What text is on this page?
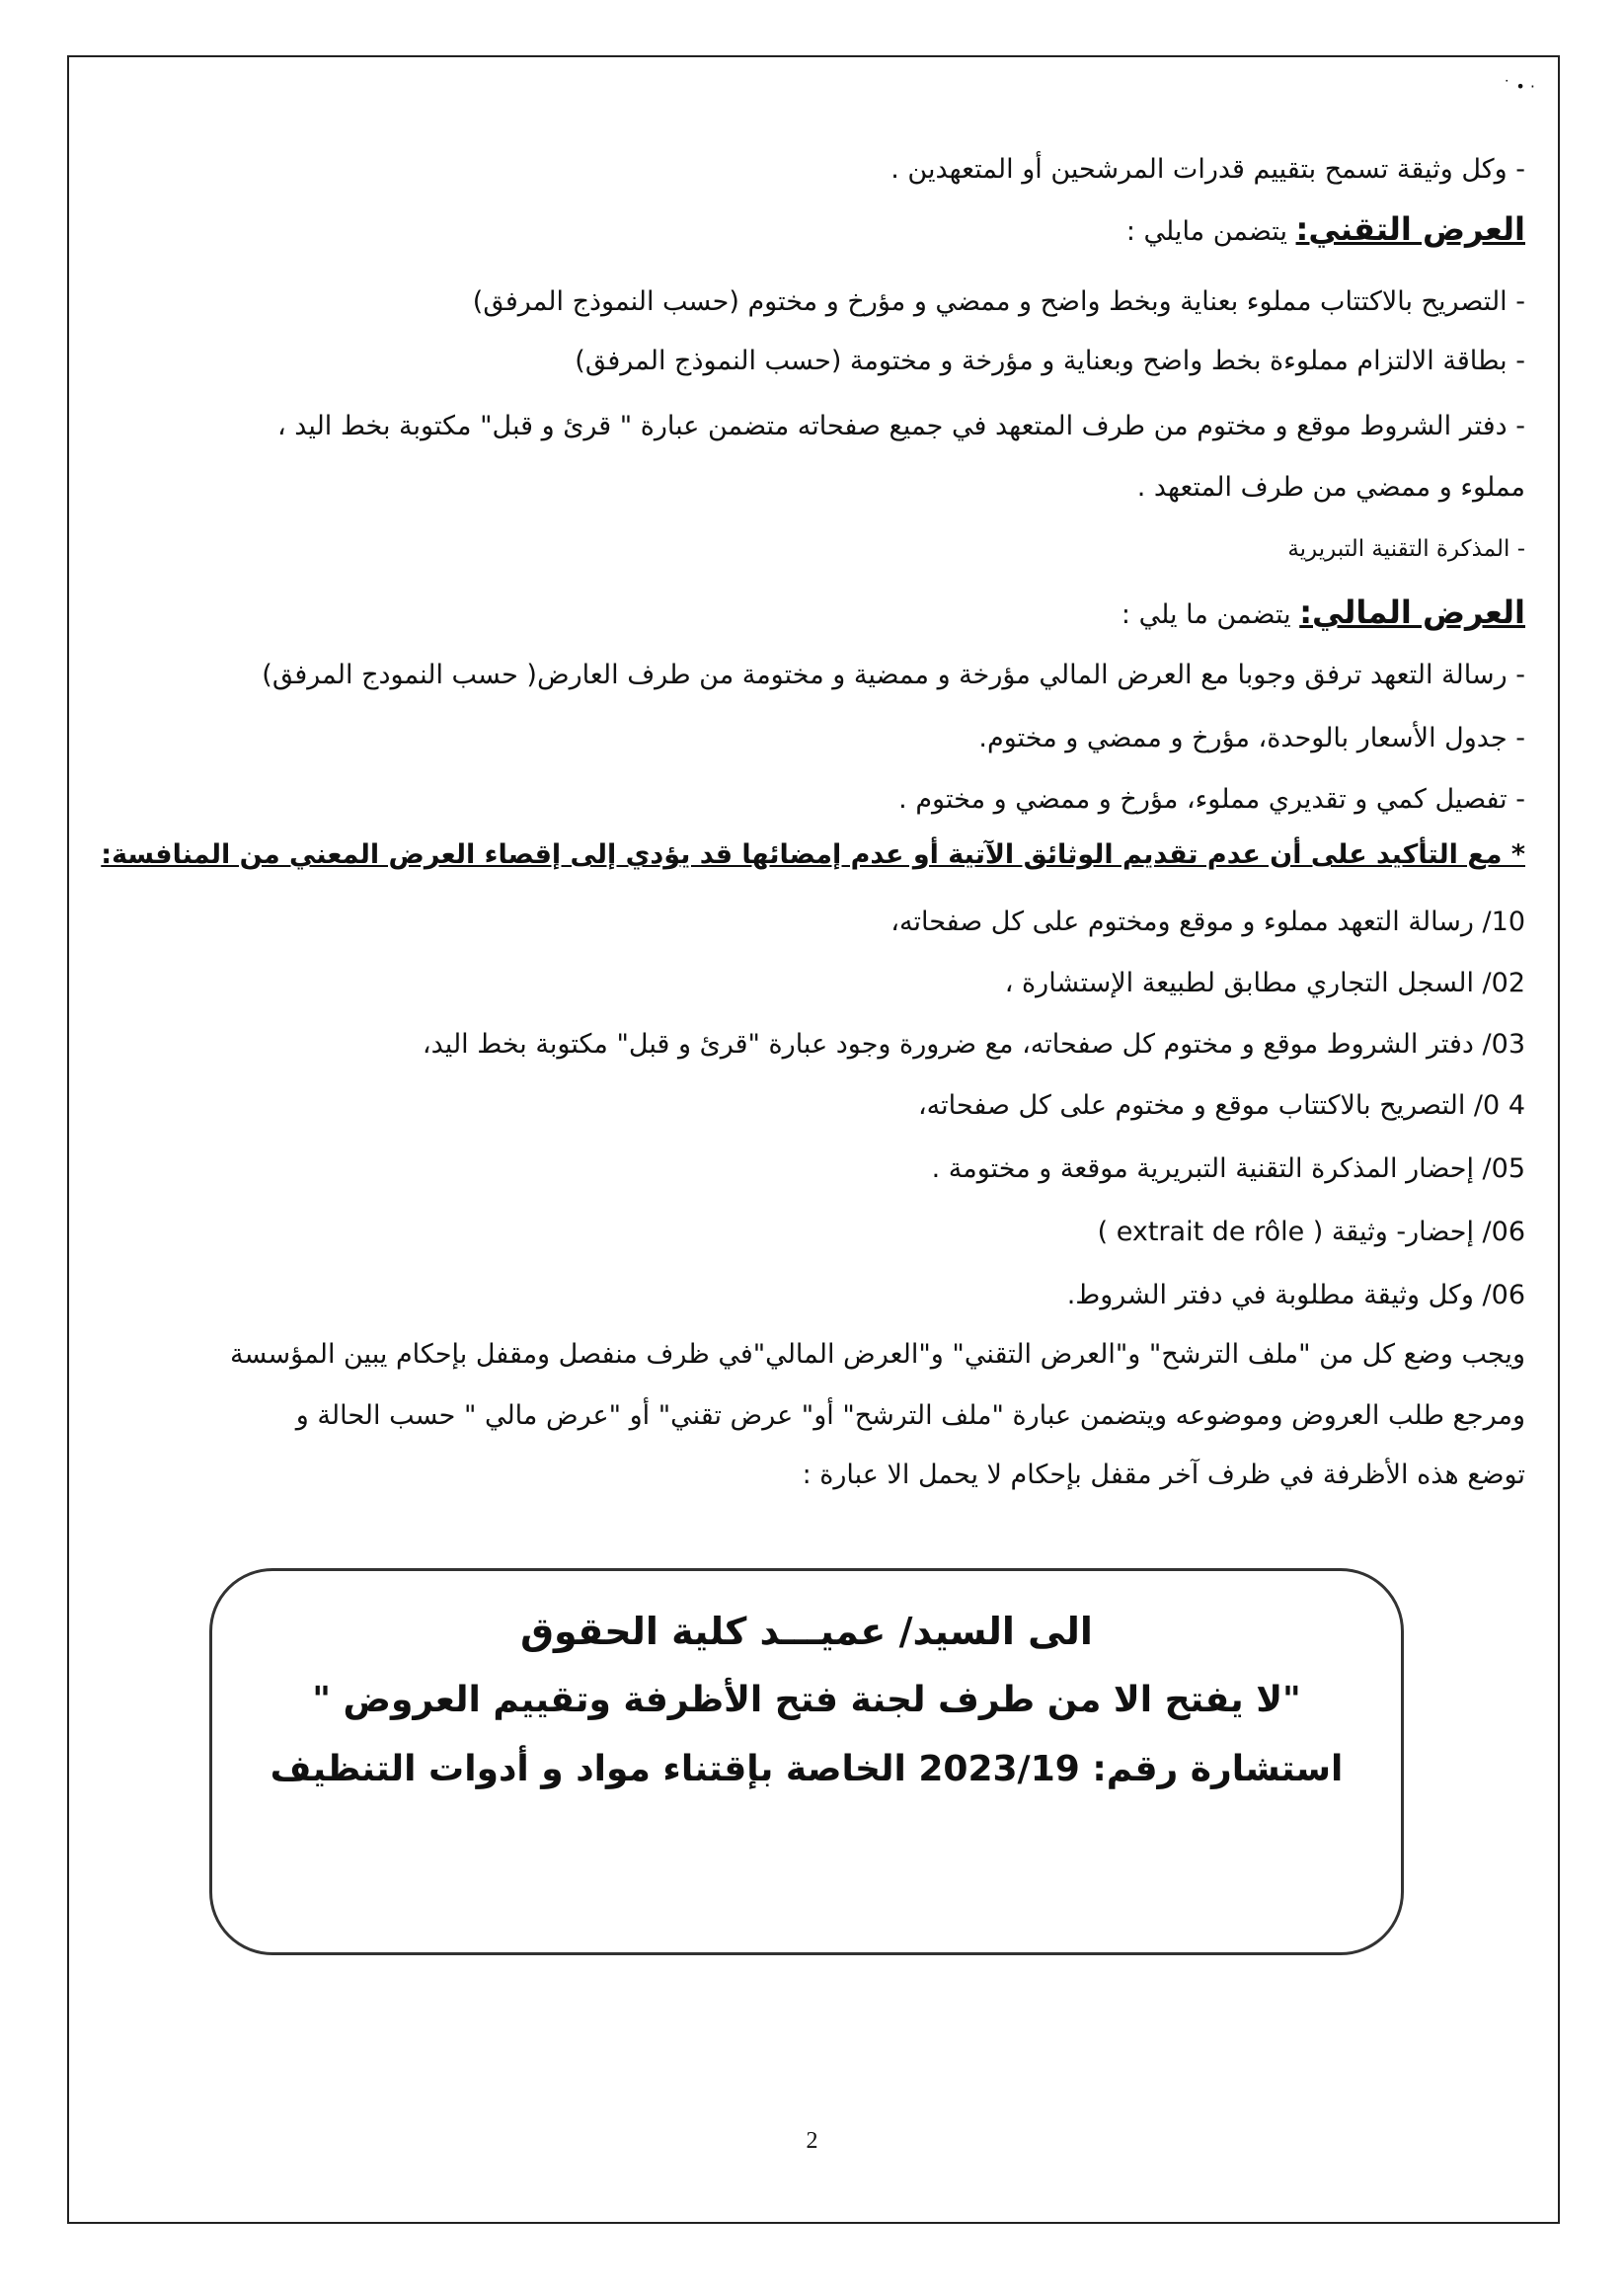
˙ • ·
- وكل وثيقة تسمح بتقييم قدرات المرشحين أو المتعهدين .
العرض التقني: يتضمن مايلي :
- التصريح بالاكتتاب مملوء بعناية وبخط واضح و ممضي و مؤرخ و مختوم (حسب النموذج المرفق)
- بطاقة الالتزام مملوءة بخط واضح وبعناية و مؤرخة و مختومة (حسب النموذج المرفق)
- دفتر الشروط موقع و مختوم من طرف المتعهد في جميع صفحاته متضمن عبارة " قرئ و قبل" مكتوبة بخط اليد ،
مملوء و ممضي من طرف المتعهد .
- المذكرة التقنية التبريرية
العرض المالي: يتضمن ما يلي :
- رسالة التعهد ترفق وجوبا مع العرض المالي مؤرخة و ممضية و مختومة من طرف العارض( حسب النمودج المرفق)
- جدول الأسعار بالوحدة، مؤرخ و ممضي و مختوم.
- تفصيل كمي و تقديري مملوء، مؤرخ و ممضي و مختوم .
* مع التأكيد على أن عدم تقديم الوثائق الآتية أو عدم إمضائها قد يؤدي إلى إقصاء العرض المعني من المنافسة:
10/ رسالة التعهد مملوء و موقع ومختوم على كل صفحاته،
02/ السجل التجاري مطابق لطبيعة الإستشارة ،
03/ دفتر الشروط موقع و مختوم كل صفحاته، مع ضرورة وجود عبارة "قرئ و قبل" مكتوبة بخط اليد،
4 0/ التصريح بالاكتتاب موقع و مختوم على كل صفحاته،
05/ إحضار المذكرة التقنية التبريرية موقعة و مختومة .
06/ إحضار- وثيقة ( extrait de rôle )
06/ وكل وثيقة مطلوبة في دفتر الشروط.
ويجب وضع كل من "ملف الترشح" و"العرض التقني" و"العرض المالي"في ظرف منفصل ومقفل بإحكام يبين المؤسسة
ومرجع طلب العروض وموضوعه ويتضمن عبارة "ملف الترشح" أو" عرض تقني" أو "عرض مالي " حسب الحالة و
توضع هذه الأظرفة في ظرف آخر مقفل بإحكام لا يحمل الا عبارة :
الى السيد/ عميـــد كلية الحقوق
"لا يفتح الا من طرف لجنة فتح الأظرفة وتقييم العروض "
استشارة رقم: 2023/19 الخاصة بإقتناء مواد و أدوات التنظيف
2
